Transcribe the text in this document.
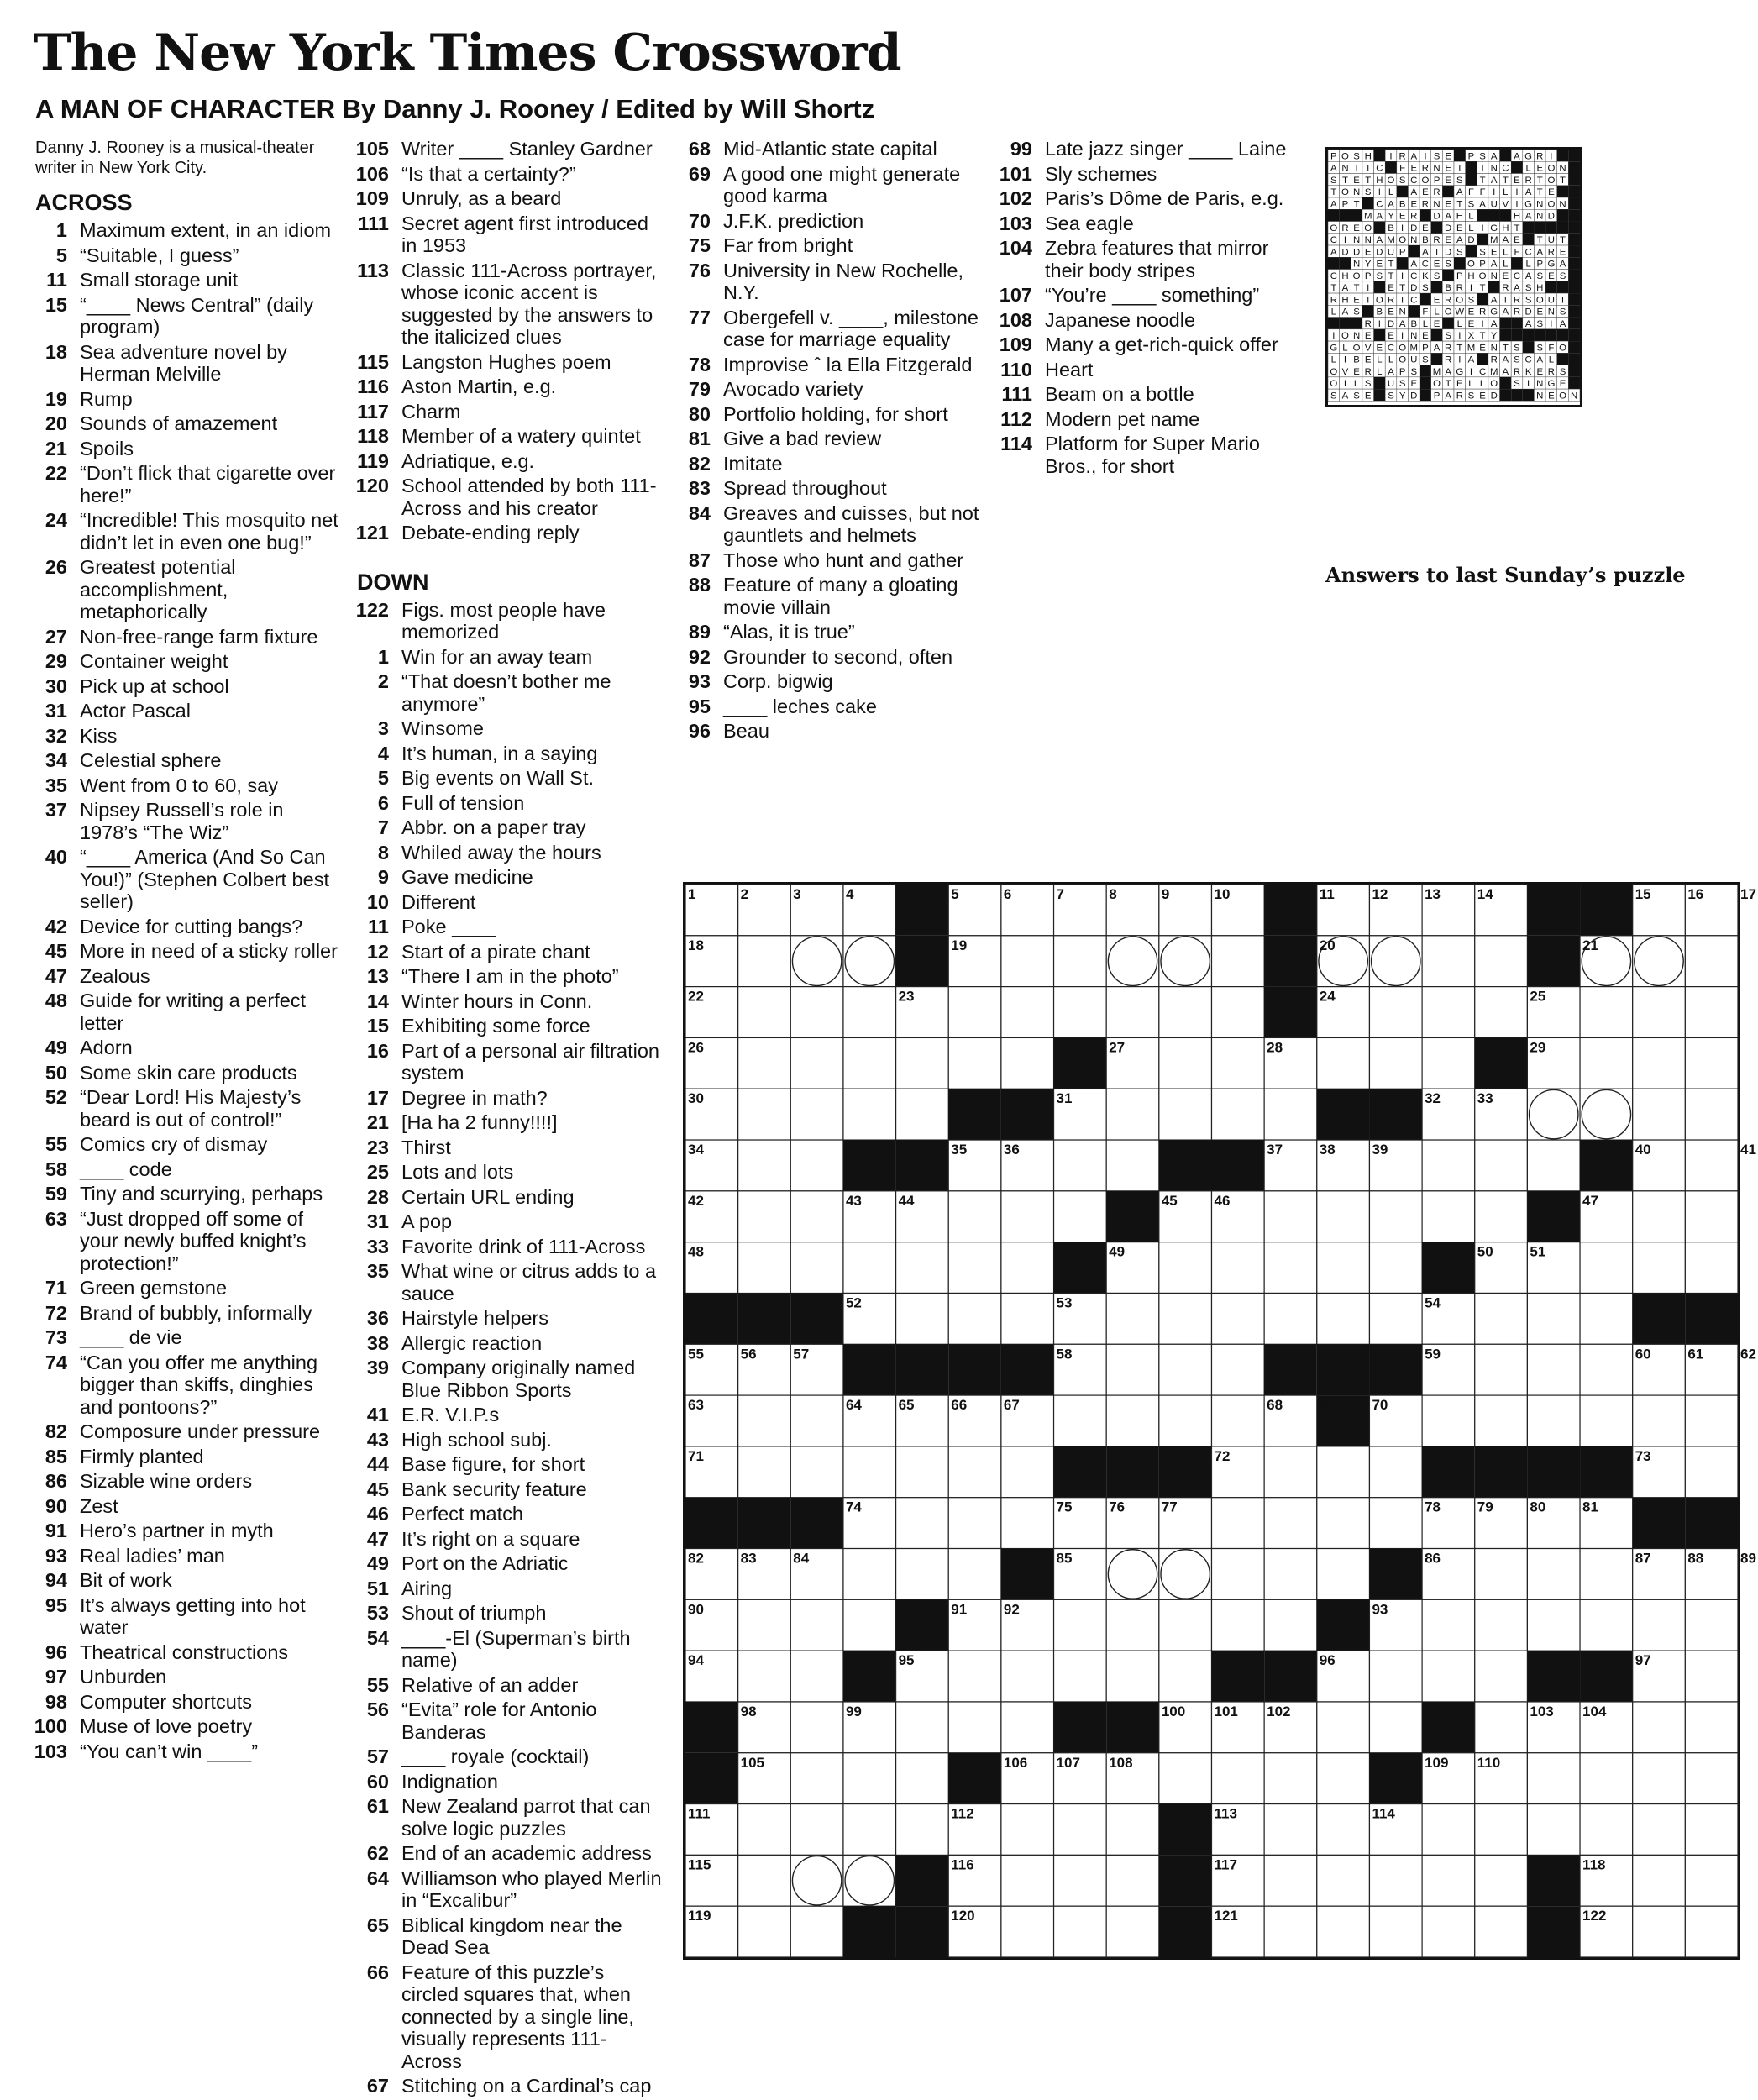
The New York Times Crossword
A MAN OF CHARACTER By Danny J. Rooney / Edited by Will Shortz
Danny J. Rooney is a musical-theater writer in New York City.
ACROSS
1 Maximum extent, in an idiom
5 “Suitable, I guess”
11 Small storage unit
15 “____ News Central” (daily program)
18 Sea adventure novel by Herman Melville
19 Rump
20 Sounds of amazement
21 Spoils
22 “Don’t flick that cigarette over here!”
24 “Incredible! This mosquito net didn’t let in even one bug!”
26 Greatest potential accomplishment, metaphorically
27 Non-free-range farm fixture
29 Container weight
30 Pick up at school
31 Actor Pascal
32 Kiss
34 Celestial sphere
35 Went from 0 to 60, say
37 Nipsey Russell’s role in 1978’s “The Wiz”
40 “____ America (And So Can You!)” (Stephen Colbert best seller)
42 Device for cutting bangs?
45 More in need of a sticky roller
47 Zealous
48 Guide for writing a perfect letter
49 Adorn
50 Some skin care products
52 “Dear Lord! His Majesty’s beard is out of control!”
55 Comics cry of dismay
58 ____ code
59 Tiny and scurrying, perhaps
63 “Just dropped off some of your newly buffed knight’s protection!”
71 Green gemstone
72 Brand of bubbly, informally
73 ____ de vie
74 “Can you offer me anything bigger than skiffs, dinghies and pontoons?”
82 Composure under pressure
85 Firmly planted
86 Sizable wine orders
90 Zest
91 Hero’s partner in myth
93 Real ladies’ man
94 Bit of work
95 It’s always getting into hot water
96 Theatrical constructions
97 Unburden
98 Computer shortcuts
100 Muse of love poetry
103 “You can’t win ____”
105 Writer ____ Stanley Gardner
106 “Is that a certainty?”
109 Unruly, as a beard
111 Secret agent first introduced in 1953
113 Classic 111-Across portrayer, whose iconic accent is suggested by the answers to the italicized clues
115 Langston Hughes poem
116 Aston Martin, e.g.
117 Charm
118 Member of a watery quintet
119 Adriatique, e.g.
120 School attended by both 111-Across and his creator
121 Debate-ending reply
DOWN
122 Figs. most people have memorized
1 Win for an away team
2 “That doesn’t bother me anymore”
3 Winsome
4 It’s human, in a saying
5 Big events on Wall St.
6 Full of tension
7 Abbr. on a paper tray
8 Whiled away the hours
9 Gave medicine
10 Different
11 Poke ____
12 Start of a pirate chant
13 “There I am in the photo”
14 Winter hours in Conn.
15 Exhibiting some force
16 Part of a personal air filtration system
17 Degree in math?
21 [Ha ha 2 funny!!!!]
23 Thirst
25 Lots and lots
28 Certain URL ending
31 A pop
33 Favorite drink of 111-Across
35 What wine or citrus adds to a sauce
36 Hairstyle helpers
38 Allergic reaction
39 Company originally named Blue Ribbon Sports
41 E.R. V.I.P.s
43 High school subj.
44 Base figure, for short
45 Bank security feature
46 Perfect match
47 It’s right on a square
49 Port on the Adriatic
51 Airing
53 Shout of triumph
54 ____-El (Superman’s birth name)
55 Relative of an adder
56 “Evita” role for Antonio Banderas
57 ____ royale (cocktail)
60 Indignation
61 New Zealand parrot that can solve logic puzzles
62 End of an academic address
64 Williamson who played Merlin in “Excalibur”
65 Biblical kingdom near the Dead Sea
66 Feature of this puzzle’s circled squares that, when connected by a single line, visually represents 111-Across
67 Stitching on a Cardinal’s cap
68 Mid-Atlantic state capital
69 A good one might generate good karma
70 J.F.K. prediction
75 Far from bright
76 University in New Rochelle, N.Y.
77 Obergefell v. ____, milestone case for marriage equality
78 Improvise ˆ la Ella Fitzgerald
79 Avocado variety
80 Portfolio holding, for short
81 Give a bad review
82 Imitate
83 Spread throughout
84 Greaves and cuisses, but not gauntlets and helmets
87 Those who hunt and gather
88 Feature of many a gloating movie villain
89 “Alas, it is true”
92 Grounder to second, often
93 Corp. bigwig
95 ____ leches cake
96 Beau
99 Late jazz singer ____ Laine
101 Sly schemes
102 Paris’s Dôme de Paris, e.g.
103 Sea eagle
104 Zebra features that mirror their body stripes
107 “You’re ____ something”
108 Japanese noodle
109 Many a get-rich-quick offer
110 Heart
111 Beam on a bottle
112 Modern pet name
114 Platform for Super Mario Bros., for short
P O S H I R A I S E P S A A G R I
A N T I C F E R N E T I N C L E O N
S T E T H O S C O P E S T A T E R T O T
T O N S I L A E R A F F I L I A T E
A P T C A B E R N E T S A U V I G N O N
M A Y E R D A H L	H A N D
O R E O B I D E D E L I G H T
C I N N A M O N B R E A D M A E T U T
A D D E D U P A I D S S E L F C A R E
N Y E T A C E S O P A L L P G A
C H O P S T I C K S P H O N E C A S E S
T A T I E T D S B R I T R A S H
R H E T O R I C E R O S A I R S O U T
L A S B E N F L O W E R G A R D E N S
R I D A B L E L E I A A S I A
I O N E E I N E S I X T Y
G L O V E C O M P A R T M E N T S S F O
L I B E L L O U S R I A R A S C A L
O V E R L A P S M A G I C M A R K E R S
O I L S U S E O T E L L O S I N G E
S A S E S Y D P A R S E D	N E O N
Answers to last Sunday’s puzzle
1	2	3	4	5	6	7	8	9	10	11	12	13	14	15	16	17
18	19	20	21
22	23	24	25
26	27	28	29
30	31	32	33
34	35	36	37	38	39	40	41
42	43	44	45	46	47
48	49	50	51
52	53	54
55	56	57	58	59	60	61	62
63	64	65	66	67	68	69	70
71	72	73
74	75	76	77	78	79	80	81
82	83	84	85	86	87	88	89
90	91	92	93
94	95	96	97
98	99	100 101 102	103 104
105	106 107 108	109 110
111	112	113	114
115	116	117	118
119	120	121	122
